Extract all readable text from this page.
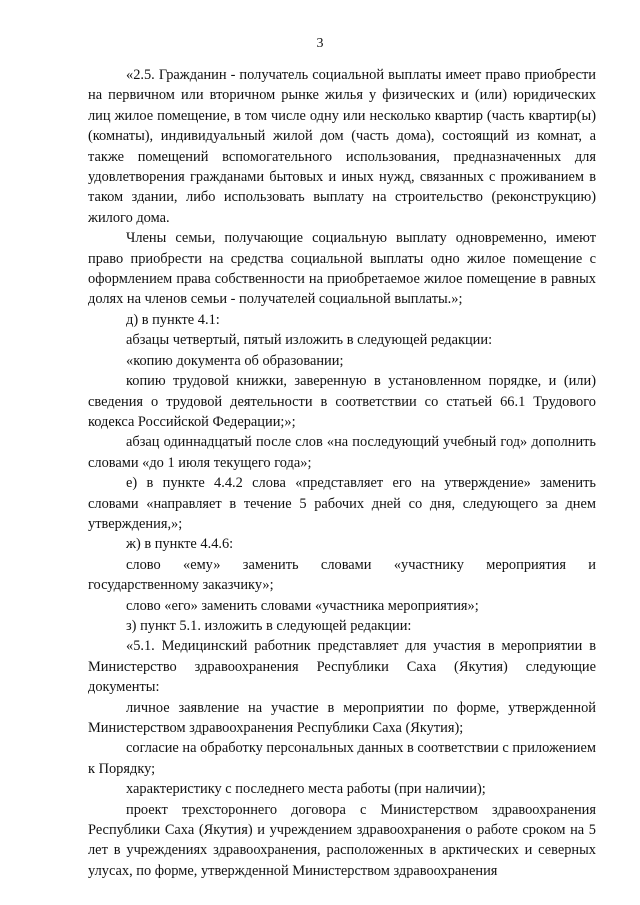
3

«2.5. Гражданин - получатель социальной выплаты имеет право приобрести на первичном или вторичном рынке жилья у физических и (или) юридических лиц жилое помещение, в том числе одну или несколько квартир (часть квартир(ы) (комнаты), индивидуальный жилой дом (часть дома), состоящий из комнат, а также помещений вспомогательного использования, предназначенных для удовлетворения гражданами бытовых и иных нужд, связанных с проживанием в таком здании, либо использовать выплату на строительство (реконструкцию) жилого дома.

Члены семьи, получающие социальную выплату одновременно, имеют право приобрести на средства социальной выплаты одно жилое помещение с оформлением права собственности на приобретаемое жилое помещение в равных долях на членов семьи - получателей социальной выплаты.»;

д) в пункте 4.1:

абзацы четвертый, пятый изложить в следующей редакции:

«копию документа об образовании;

копию трудовой книжки, заверенную в установленном порядке, и (или) сведения о трудовой деятельности в соответствии со статьей 66.1 Трудового кодекса Российской Федерации;»;

абзац одиннадцатый после слов «на последующий учебный год» дополнить словами «до 1 июля текущего года»;

е) в пункте 4.4.2 слова «представляет его на утверждение» заменить словами «направляет в течение 5 рабочих дней со дня, следующего за днем утверждения,»;

ж) в пункте 4.4.6:

слово «ему» заменить словами «участнику мероприятия и государственному заказчику»;

слово «его» заменить словами «участника мероприятия»;

з) пункт 5.1. изложить в следующей редакции:

«5.1. Медицинский работник представляет для участия в мероприятии в Министерство здравоохранения Республики Саха (Якутия) следующие документы:

личное заявление на участие в мероприятии по форме, утвержденной Министерством здравоохранения Республики Саха (Якутия);

согласие на обработку персональных данных в соответствии с приложением к Порядку;

характеристику с последнего места работы (при наличии);

проект трехстороннего договора с Министерством здравоохранения Республики Саха (Якутия) и учреждением здравоохранения о работе сроком на 5 лет в учреждениях здравоохранения, расположенных в арктических и северных улусах, по форме, утвержденной Министерством здравоохранения
